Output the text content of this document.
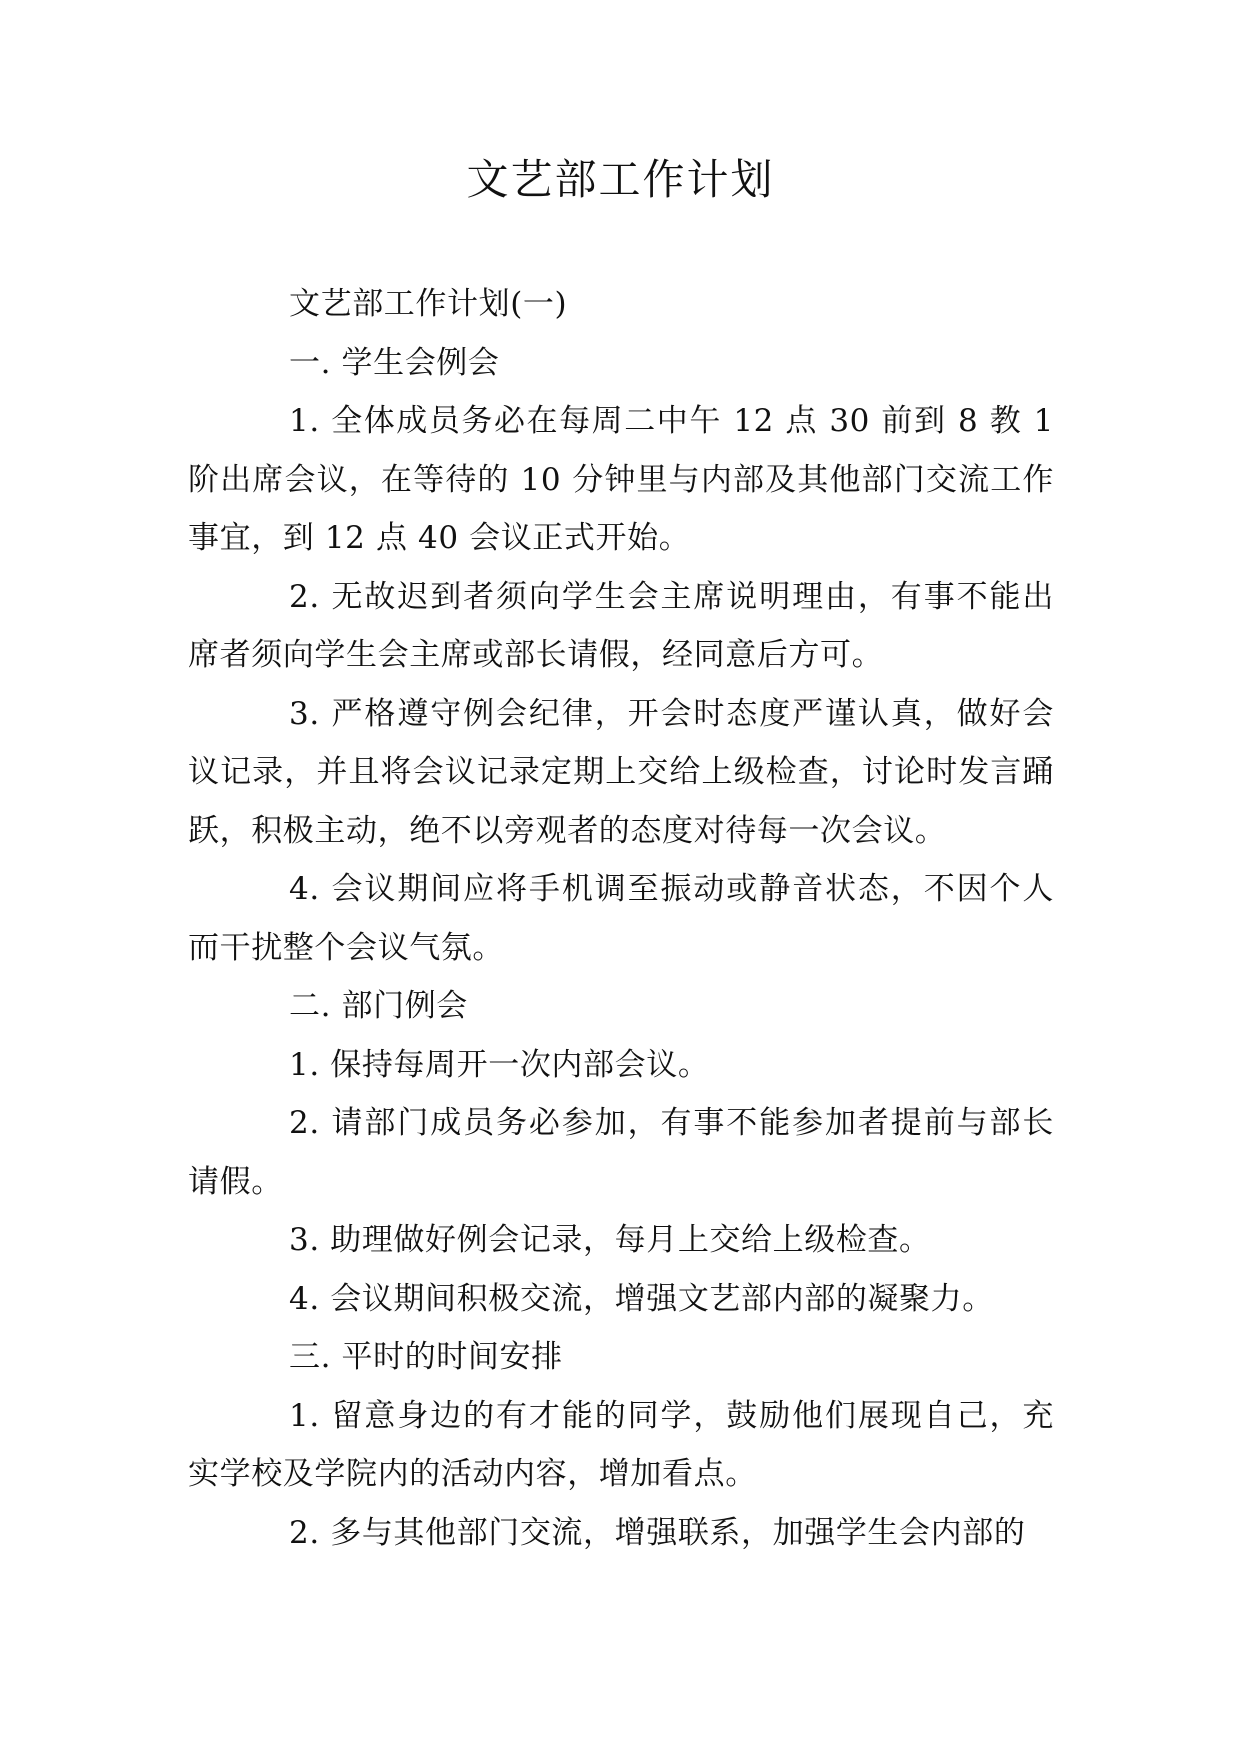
文艺部工作计划

文艺部工作计划(一)

一. 学生会例会

1. 全体成员务必在每周二中午 12 点 30 前到 8 教 1 阶出席会议，在等待的 10 分钟里与内部及其他部门交流工作事宜，到 12 点 40 会议正式开始。

2. 无故迟到者须向学生会主席说明理由，有事不能出席者须向学生会主席或部长请假，经同意后方可。

3. 严格遵守例会纪律，开会时态度严谨认真，做好会议记录，并且将会议记录定期上交给上级检查，讨论时发言踊跃，积极主动，绝不以旁观者的态度对待每一次会议。

4. 会议期间应将手机调至振动或静音状态，不因个人而干扰整个会议气氛。

二. 部门例会

1. 保持每周开一次内部会议。

2. 请部门成员务必参加，有事不能参加者提前与部长请假。

3. 助理做好例会记录，每月上交给上级检查。

4. 会议期间积极交流，增强文艺部内部的凝聚力。

三. 平时的时间安排

1. 留意身边的有才能的同学，鼓励他们展现自己，充实学校及学院内的活动内容，增加看点。

2. 多与其他部门交流，增强联系，加强学生会内部的
